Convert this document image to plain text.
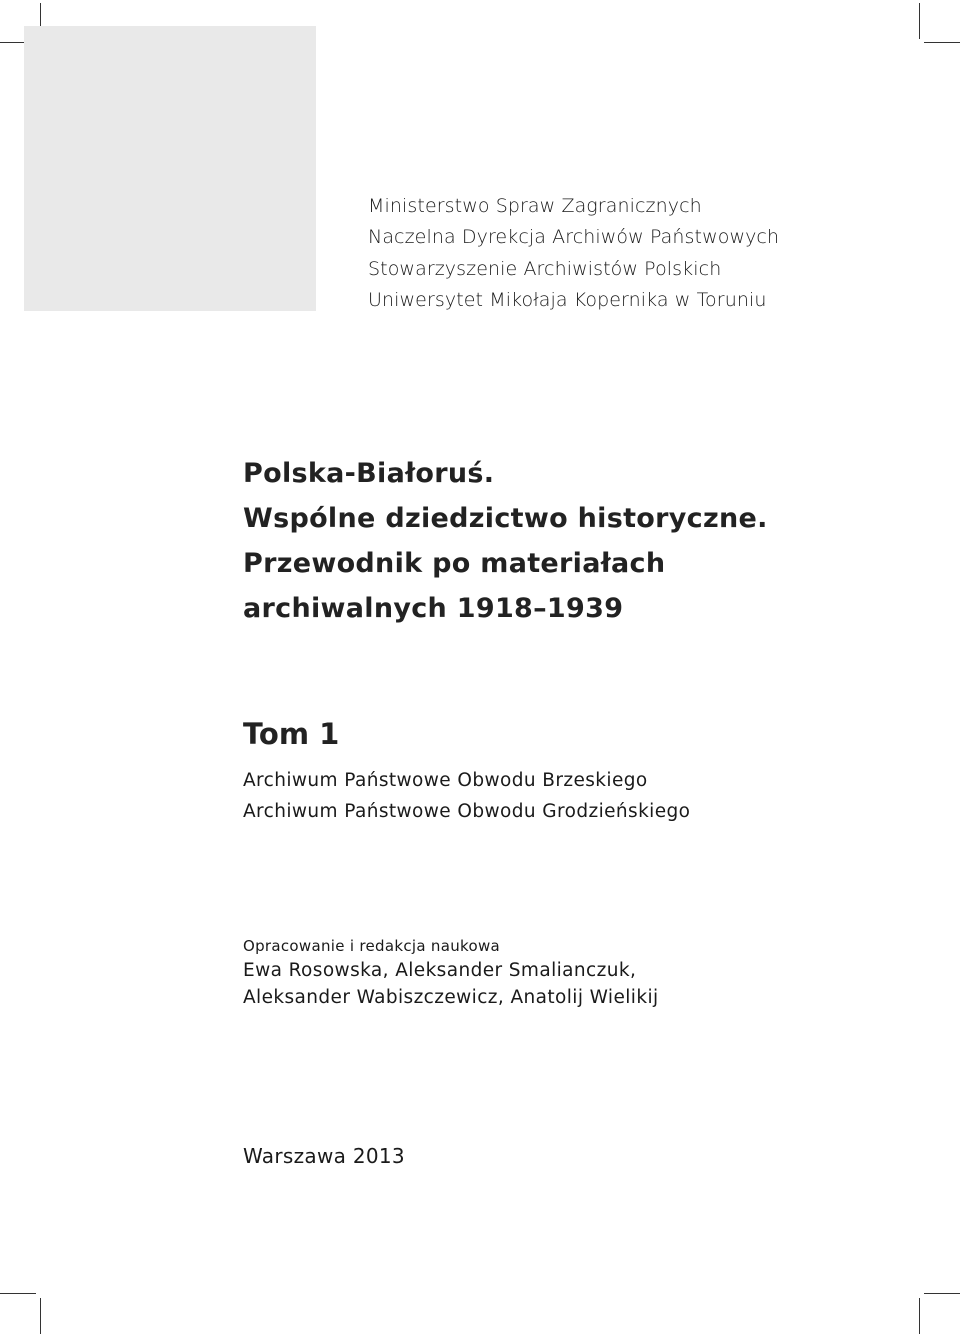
Ministerstwo Spraw Zagranicznych
Naczelna Dyrekcja Archiwów Państwowych
Stowarzyszenie Archiwistów Polskich
Uniwersytet Mikołaja Kopernika w Toruniu
Polska-Białoruś.
Wspólne dziedzictwo historyczne.
Przewodnik po materiałach
archiwalnych 1918–1939
Tom 1
Archiwum Państwowe Obwodu Brzeskiego
Archiwum Państwowe Obwodu Grodzieńskiego
Opracowanie i redakcja naukowa
Ewa Rosowska, Aleksander Smalianczuk,
Aleksander Wabiszczewicz, Anatolij Wielikij
Warszawa 2013
